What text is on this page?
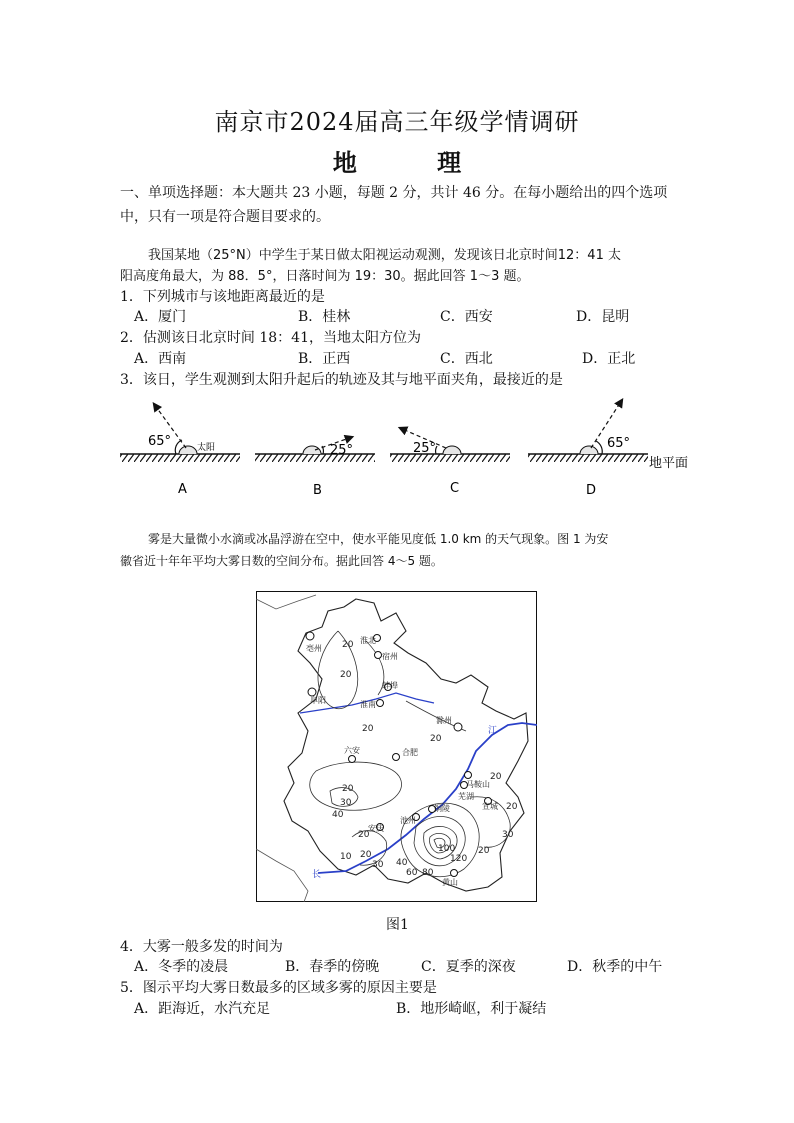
南京市2024届高三年级学情调研
地 理
一、单项选择题：本大题共 23 小题，每题 2 分，共计 46 分。在每小题给出的四个选项
中，只有一项是符合题目要求的。
我国某地（25°N）中学生于某日做太阳视运动观测，发现该日北京时间12：41 太
阳高度角最大，为 88．5°，日落时间为 19：30。据此回答 1～3 题。
1．下列城市与该地距离最近的是
A．厦门	B．桂林	C．西安	D．昆明
2．估测该日北京时间 18：41，当地太阳方位为
A．西南	B．正西	C．西北	D．正北
3．该日，学生观测到太阳升起后的轨迹及其与地平面夹角，最接近的是
65°	太阳
A
25°
B
25°
C
65°
D
地平面
雾是大量微小水滴或冰晶浮游在空中，使水平能见度低 1.0 km 的天气现象。图 1 为安
徽省近十年年平均大雾日数的空间分布。据此回答 4～5 题。
亳州
淮北
宿州
蚌埠
阜阳	淮南
滁州
六安	合肥
马鞍山
芜湖
铜陵
池州
安庆
宣城
黄山
20
20
20
20
20
30
40
20
10 20
30 40
60 80
100
120
20
20
30
20
江
长
图1
4．大雾一般多发的时间为
A．冬季的凌晨	B．春季的傍晚	C．夏季的深夜	D．秋季的中午
5．图示平均大雾日数最多的区域多雾的原因主要是
A．距海近，水汽充足	B．地形崎岖，利于凝结
